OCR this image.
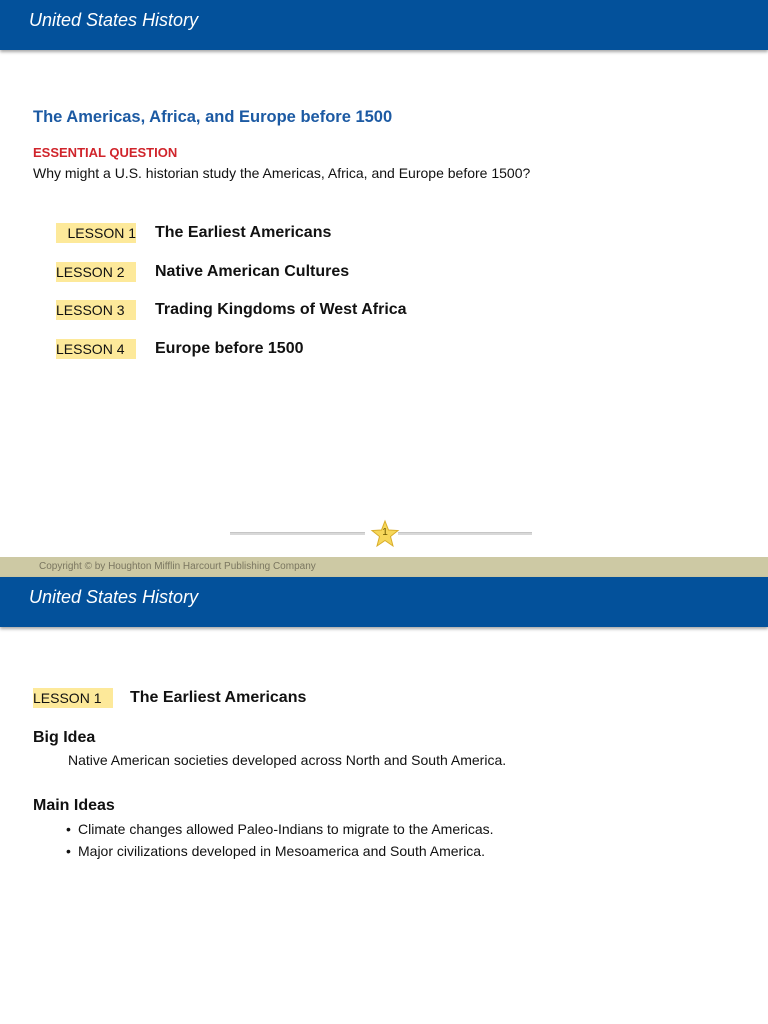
United States History
The Americas, Africa, and Europe before 1500
ESSENTIAL QUESTION
Why might a U.S. historian study the Americas, Africa, and Europe before 1500?
LESSON 1 The Earliest Americans
LESSON 2	Native American Cultures
LESSON 3	Trading Kingdoms of West Africa
LESSON 4	Europe before 1500
1
Copyright © by Houghton Mifflin Harcourt Publishing Company
United States History
LESSON 1	The Earliest Americans
Big Idea
Native American societies developed across North and South America.
Main Ideas
• Climate changes allowed Paleo-Indians to migrate to the Americas.
• Major civilizations developed in Mesoamerica and South America.
